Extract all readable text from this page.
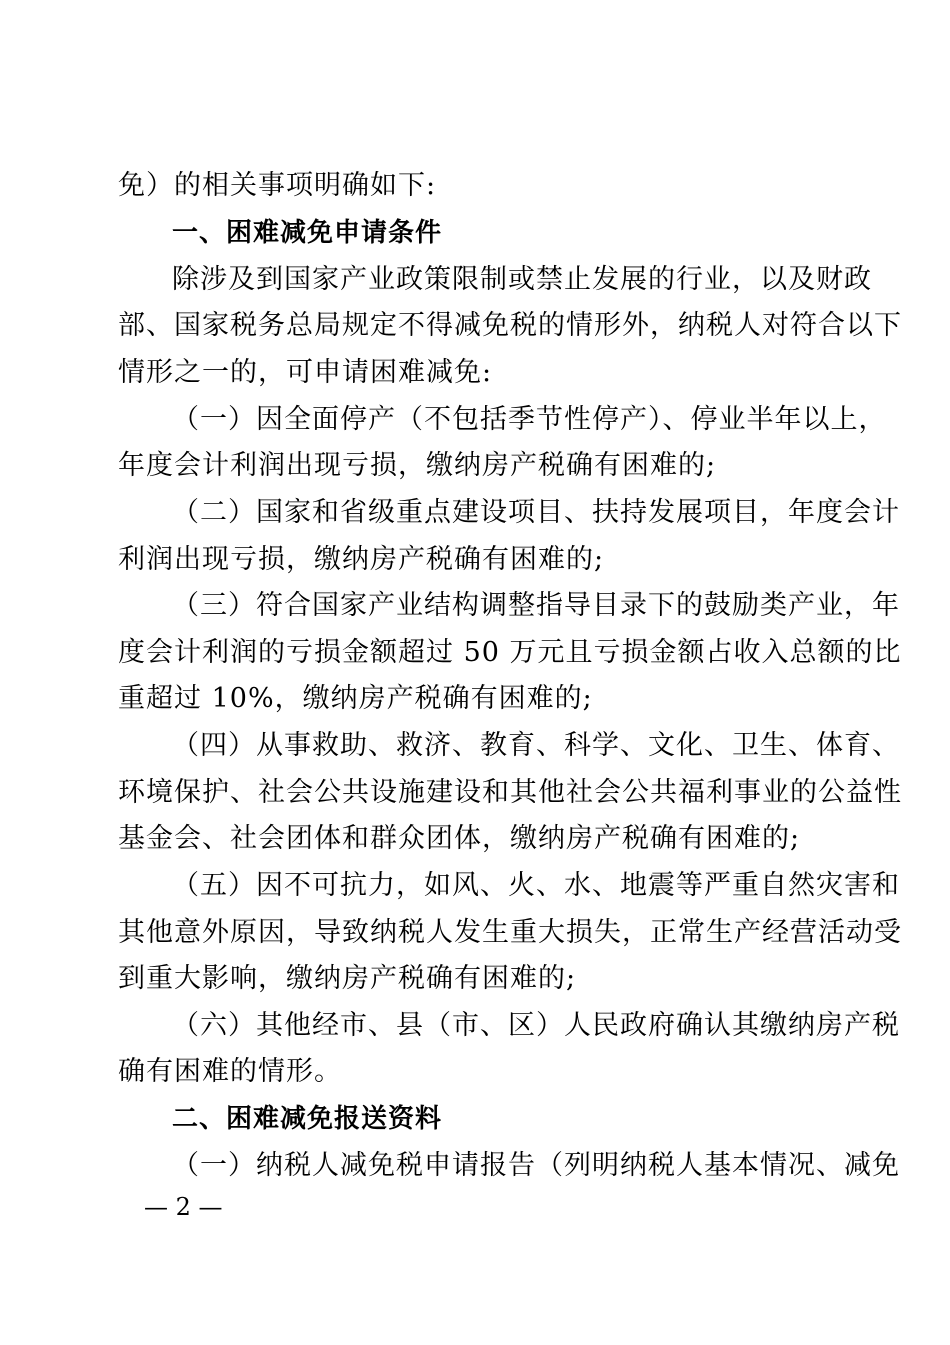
免）的相关事项明确如下:
一、困难减免申请条件
除涉及到国家产业政策限制或禁止发展的行业，以及财政
部、国家税务总局规定不得减免税的情形外，纳税人对符合以下
情形之一的，可申请困难减免:
（一）因全面停产（不包括季节性停产）、停业半年以上，
年度会计利润出现亏损，缴纳房产税确有困难的;
（二）国家和省级重点建设项目、扶持发展项目，年度会计
利润出现亏损，缴纳房产税确有困难的;
（三）符合国家产业结构调整指导目录下的鼓励类产业，年
度会计利润的亏损金额超过 50 万元且亏损金额占收入总额的比
重超过 10%，缴纳房产税确有困难的;
（四）从事救助、救济、教育、科学、文化、卫生、体育、
环境保护、社会公共设施建设和其他社会公共福利事业的公益性
基金会、社会团体和群众团体，缴纳房产税确有困难的;
（五）因不可抗力，如风、火、水、地震等严重自然灾害和
其他意外原因，导致纳税人发生重大损失，正常生产经营活动受
到重大影响，缴纳房产税确有困难的;
（六）其他经市、县（市、区）人民政府确认其缴纳房产税
确有困难的情形。
二、困难减免报送资料
（一）纳税人减免税申请报告（列明纳税人基本情况、减免
— 2 —
